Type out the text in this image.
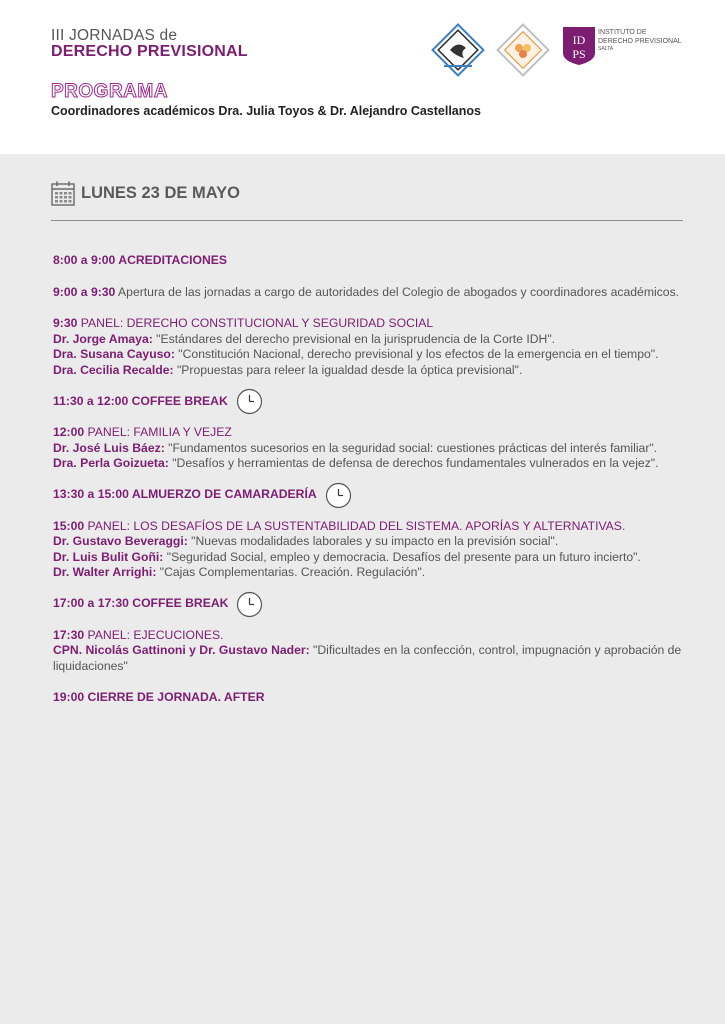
III JORNADAS de
DERECHO PREVISIONAL
PROGRAMA
Coordinadores académicos Dra. Julia Toyos & Dr. Alejandro Castellanos
ID
PS
INSTITUTO DE
DERECHO PREVISIONAL
SALTA
LUNES 23 DE MAYO
8:00 a 9:00 ACREDITACIONES
9:00 a 9:30 Apertura de las jornadas a cargo de autoridades del Colegio de abogados y coordinadores académicos.
9:30 PANEL: DERECHO CONSTITUCIONAL Y SEGURIDAD SOCIAL
Dr. Jorge Amaya: "Estándares del derecho previsional en la jurisprudencia de la Corte IDH".
Dra. Susana Cayuso: "Constitución Nacional, derecho previsional y los efectos de la emergencia en el tiempo".
Dra. Cecilia Recalde: "Propuestas para releer la igualdad desde la óptica previsional".
11:30 a 12:00 COFFEE BREAK
12:00 PANEL: FAMILIA Y VEJEZ
Dr. José Luis Báez: "Fundamentos sucesorios en la seguridad social: cuestiones prácticas del interés familiar".
Dra. Perla Goizueta: "Desafíos y herramientas de defensa de derechos fundamentales vulnerados en la vejez".
13:30 a 15:00 ALMUERZO DE CAMARADERÍA
15:00 PANEL: LOS DESAFÍOS DE LA SUSTENTABILIDAD DEL SISTEMA. APORÍAS Y ALTERNATIVAS.
Dr. Gustavo Beveraggi: "Nuevas modalidades laborales y su impacto en la previsión social".
Dr. Luis Bulit Goñi: "Seguridad Social, empleo y democracia. Desafíos del presente para un futuro incierto".
Dr. Walter Arrighi: "Cajas Complementarias. Creación. Regulación".
17:00 a 17:30 COFFEE BREAK
17:30 PANEL: EJECUCIONES.
CPN. Nicolás Gattinoni y Dr. Gustavo Nader: "Dificultades en la confección, control, impugnación y aprobación de liquidaciones"
19:00 CIERRE DE JORNADA. AFTER
